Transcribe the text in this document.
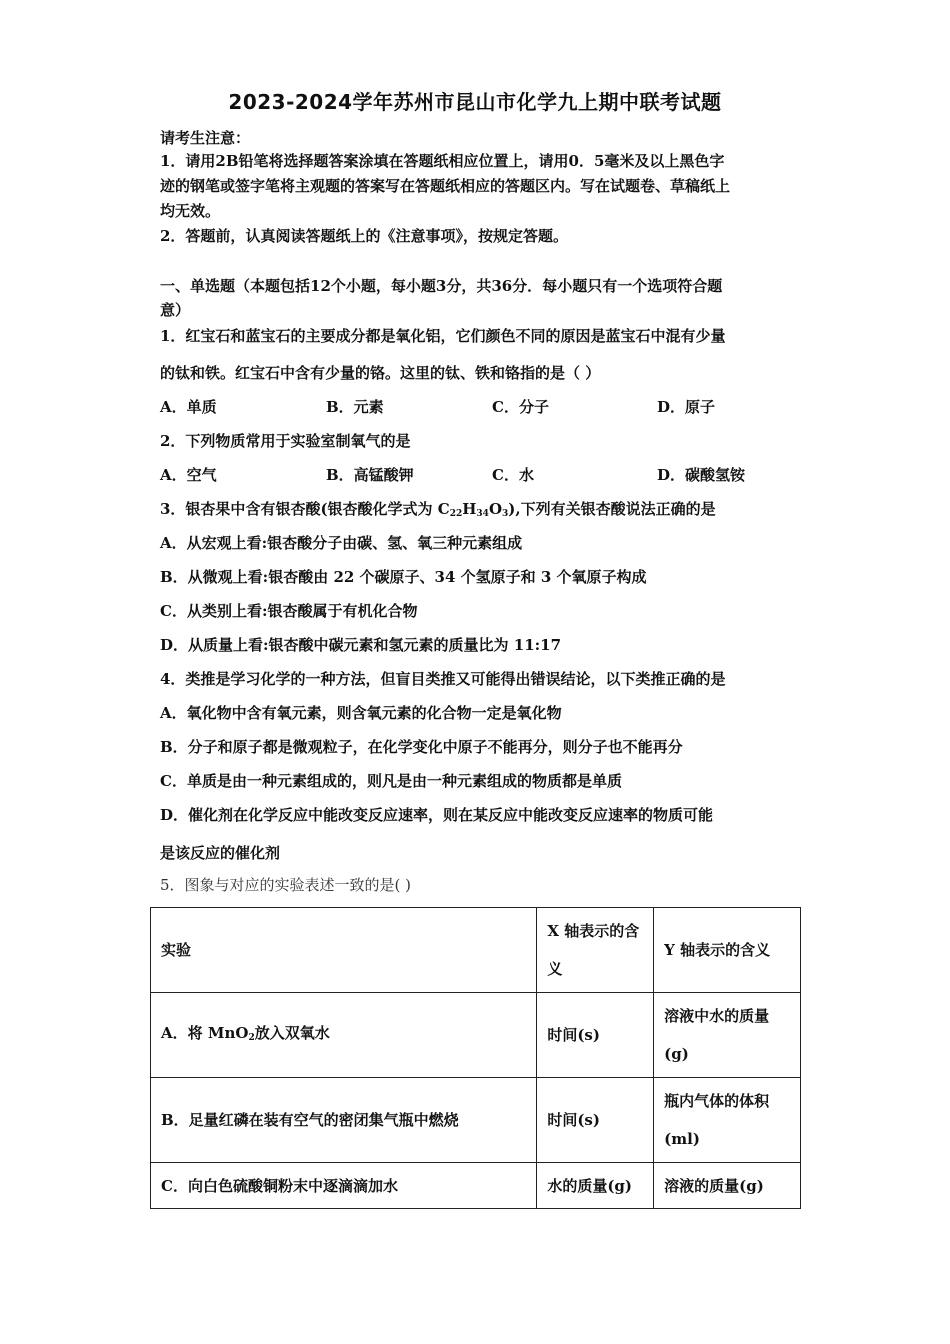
2023-2024学年苏州市昆山市化学九上期中联考试题
请考生注意：
1．请用2B铅笔将选择题答案涂填在答题纸相应位置上，请用0．5毫米及以上黑色字
迹的钢笔或签字笔将主观题的答案写在答题纸相应的答题区内。写在试题卷、草稿纸上
均无效。
2．答题前，认真阅读答题纸上的《注意事项》，按规定答题。
一、单选题（本题包括12个小题，每小题3分，共36分．每小题只有一个选项符合题
意）
1．红宝石和蓝宝石的主要成分都是氧化铝，它们颜色不同的原因是蓝宝石中混有少量
的钛和铁。红宝石中含有少量的铬。这里的钛、铁和铬指的是（ ）
A．单质	B．元素	C．分子	D．原子
2．下列物质常用于实验室制氧气的是
A．空气	B．高锰酸钾	C．水	D．碳酸氢铵
3．银杏果中含有银杏酸(银杏酸化学式为 $C_{22}H_{34}O_3$),下列有关银杏酸说法正确的是
A．从宏观上看:银杏酸分子由碳、氢、氧三种元素组成
B．从微观上看:银杏酸由 22 个碳原子、34 个氢原子和 3 个氧原子构成
C．从类别上看:银杏酸属于有机化合物
D．从质量上看:银杏酸中碳元素和氢元素的质量比为 11:17
4．类推是学习化学的一种方法，但盲目类推又可能得出错误结论，以下类推正确的是
A．氧化物中含有氧元素，则含氧元素的化合物一定是氧化物
B．分子和原子都是微观粒子，在化学变化中原子不能再分，则分子也不能再分
C．单质是由一种元素组成的，则凡是由一种元素组成的物质都是单质
D．催化剂在化学反应中能改变反应速率，则在某反应中能改变反应速率的物质可能
是该反应的催化剂
5．图象与对应的实验表述一致的是( )
实验	X 轴表示的含义	Y 轴表示的含义
A．将 MnO$_2$放入双氧水	时间(s)	溶液中水的质量(g)
B．足量红磷在装有空气的密闭集气瓶中燃烧	时间(s)	瓶内气体的体积(ml)
C．向白色硫酸铜粉末中逐滴滴加水	水的质量(g)	溶液的质量(g)
